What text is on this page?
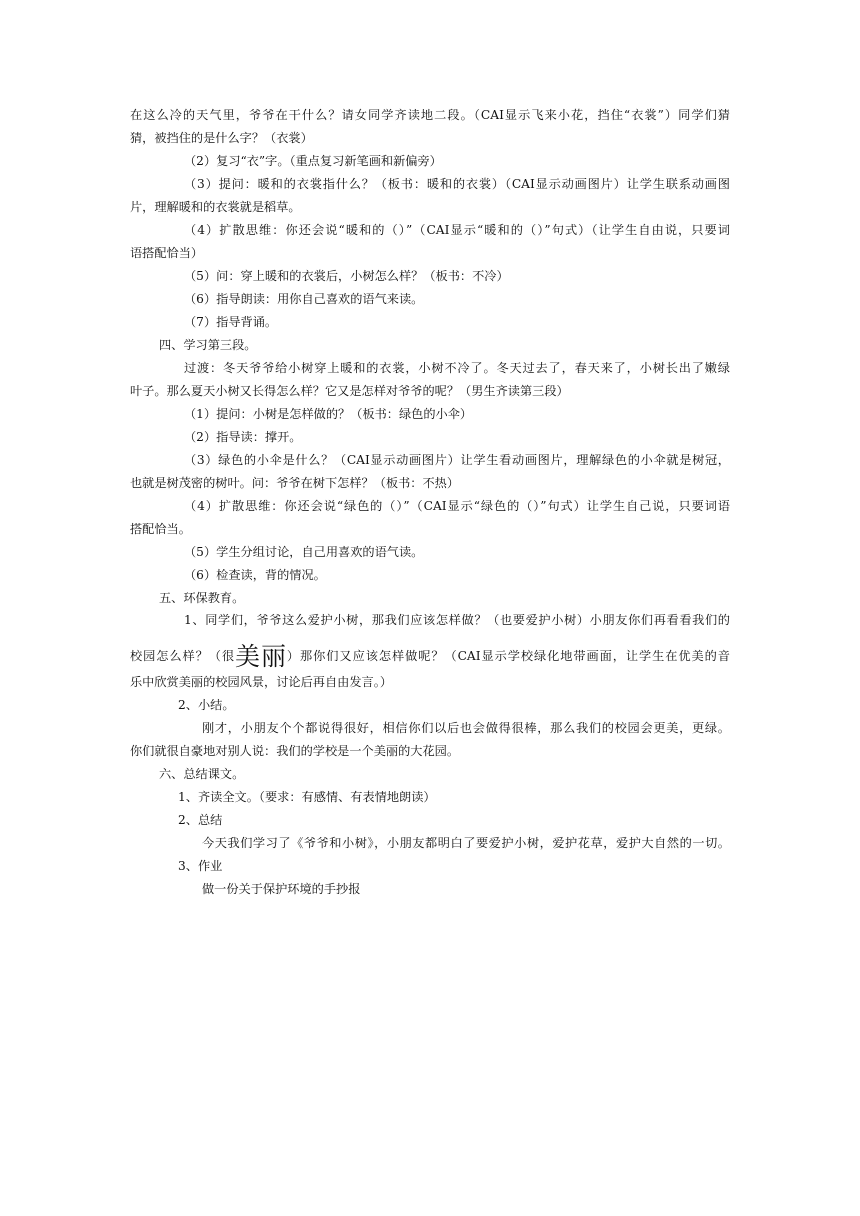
在这么冷的天气里，爷爷在干什么？请女同学齐读地二段。（CAI显示飞来小花，挡住“衣裳”）同学们猜
猜，被挡住的是什么字？（衣裳）
（2）复习“衣”字。（重点复习新笔画和新偏旁）
（3）提问：暖和的衣裳指什么？（板书：暖和的衣裳）（CAI显示动画图片）让学生联系动画图
片，理解暖和的衣裳就是稻草。
（4）扩散思维：你还会说“暖和的（）”（CAI显示“暖和的（）”句式）（让学生自由说，只要词
语搭配恰当）
（5）问：穿上暖和的衣裳后，小树怎么样？（板书：不冷）
（6）指导朗读：用你自己喜欢的语气来读。
（7）指导背诵。
四、学习第三段。
过渡：冬天爷爷给小树穿上暖和的衣裳，小树不冷了。冬天过去了，春天来了，小树长出了嫩绿
叶子。那么夏天小树又长得怎么样？它又是怎样对爷爷的呢？（男生齐读第三段）
（1）提问：小树是怎样做的？（板书：绿色的小伞）
（2）指导读：撑开。
（3）绿色的小伞是什么？（CAI显示动画图片）让学生看动画图片，理解绿色的小伞就是树冠，
也就是树茂密的树叶。问：爷爷在树下怎样？（板书：不热）
（4）扩散思维：你还会说“绿色的（）”（CAI显示“绿色的（）”句式）让学生自己说，只要词语
搭配恰当。
（5）学生分组讨论，自己用喜欢的语气读。
（6）检查读，背的情况。
五、环保教育。
1、同学们，爷爷这么爱护小树，那我们应该怎样做？（也要爱护小树）小朋友你们再看看我们的
校园怎么样？（很美丽）那你们又应该怎样做呢？（CAI显示学校绿化地带画面，让学生在优美的音
乐中欣赏美丽的校园风景，讨论后再自由发言。）
2、小结。
刚才，小朋友个个都说得很好，相信你们以后也会做得很棒，那么我们的校园会更美，更绿。
你们就很自豪地对别人说：我们的学校是一个美丽的大花园。
六、总结课文。
1、齐读全文。（要求：有感情、有表情地朗读）
2、总结
今天我们学习了《爷爷和小树》，小朋友都明白了要爱护小树，爱护花草，爱护大自然的一切。
3、作业
做一份关于保护环境的手抄报
